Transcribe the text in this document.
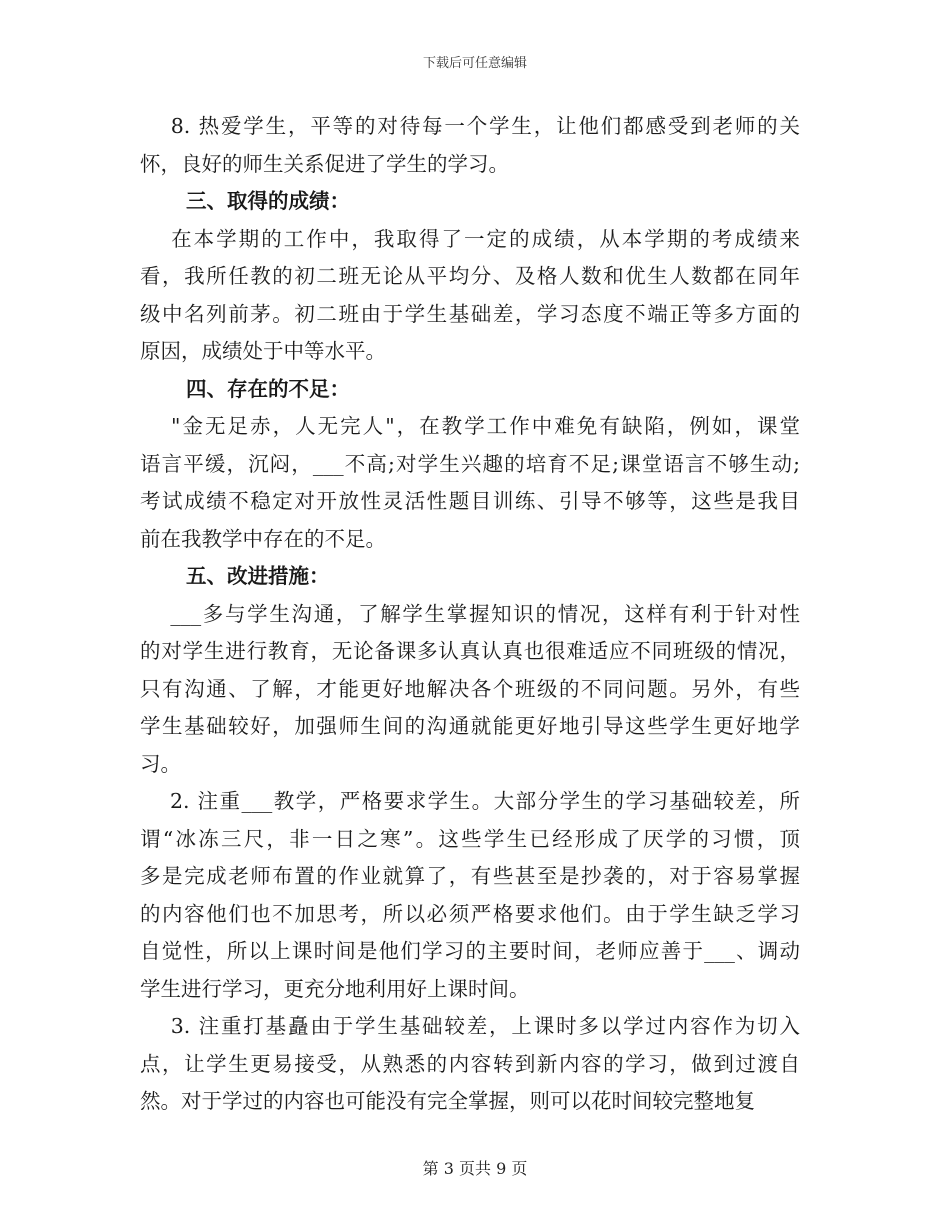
下载后可任意编辑

　 8. 热爱学生，平等的对待每一个学生，让他们都感受到老师的关
怀，良好的师生关系促进了学生的学习。

三、取得的成绩：

　 在本学期的工作中，我取得了一定的成绩，从本学期的考成绩来
看，我所任教的初二班无论从平均分、及格人数和优生人数都在同年
级中名列前茅。初二班由于学生基础差，学习态度不端正等多方面的
原因，成绩处于中等水平。

四、存在的不足：

　 "金无足赤，人无完人"，在教学工作中难免有缺陷，例如，课堂
语言平缓，沉闷，___不高;对学生兴趣的培育不足;课堂语言不够生动;
考试成绩不稳定对开放性灵活性题目训练、引导不够等，这些是我目
前在我教学中存在的不足。

五、改进措施：

　 ___多与学生沟通，了解学生掌握知识的情况，这样有利于针对性
的对学生进行教育，无论备课多认真认真也很难适应不同班级的情况，
只有沟通、了解，才能更好地解决各个班级的不同问题。另外，有些
学生基础较好，加强师生间的沟通就能更好地引导这些学生更好地学
习。

　 2. 注重___教学，严格要求学生。大部分学生的学习基础较差，所
谓“冰冻三尺，非一日之寒”。这些学生已经形成了厌学的习惯，顶
多是完成老师布置的作业就算了，有些甚至是抄袭的，对于容易掌握
的内容他们也不加思考，所以必须严格要求他们。由于学生缺乏学习
自觉性，所以上课时间是他们学习的主要时间，老师应善于___、调动
学生进行学习，更充分地利用好上课时间。

　 3. 注重打基矗由于学生基础较差，上课时多以学过内容作为切入
点，让学生更易接受，从熟悉的内容转到新内容的学习，做到过渡自
然。对于学过的内容也可能没有完全掌握，则可以花时间较完整地复

第 3 页共 9 页
